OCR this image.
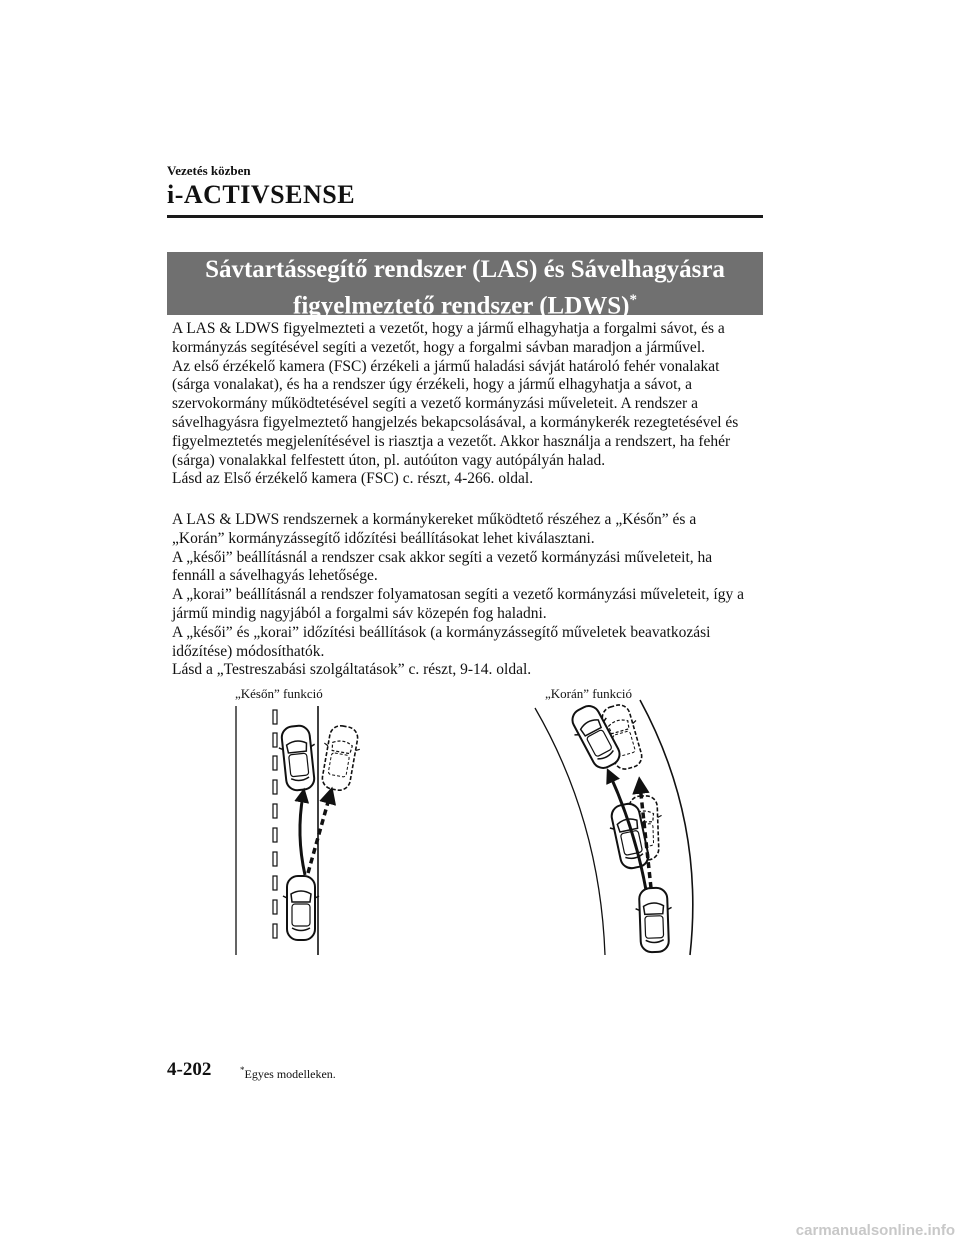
Vezetés közben
i-ACTIVSENSE
Sávtartássegítő rendszer (LAS) és Sávelhagyásra
figyelmeztető rendszer (LDWS)*

A LAS & LDWS figyelmezteti a vezetőt, hogy a jármű elhagyhatja a forgalmi sávot, és a

kormányzás segítésével segíti a vezetőt, hogy a forgalmi sávban maradjon a járművel.

Az első érzékelő kamera (FSC) érzékeli a jármű haladási sávját határoló fehér vonalakat

(sárga vonalakat), és ha a rendszer úgy érzékeli, hogy a jármű elhagyhatja a sávot, a

szervokormány működtetésével segíti a vezető kormányzási műveleteit. A rendszer a

sávelhagyásra figyelmeztető hangjelzés bekapcsolásával, a kormánykerék rezegtetésével és

figyelmeztetés megjelenítésével is riasztja a vezetőt. Akkor használja a rendszert, ha fehér

(sárga) vonalakkal felfestett úton, pl. autóúton vagy autópályán halad.

Lásd az Első érzékelő kamera (FSC) c. részt, 4-266. oldal.

A LAS & LDWS rendszernek a kormánykereket működtető részéhez a „Későn” és a

„Korán” kormányzássegítő időzítési beállításokat lehet kiválasztani.

A „késői” beállításnál a rendszer csak akkor segíti a vezető kormányzási műveleteit, ha

fennáll a sávelhagyás lehetősége.

A „korai” beállításnál a rendszer folyamatosan segíti a vezető kormányzási műveleteit, így a

jármű mindig nagyjából a forgalmi sáv közepén fog haladni.

A „késői” és „korai” időzítési beállítások (a kormányzássegítő műveletek beavatkozási

időzítése) módosíthatók.

Lásd a „Testreszabási szolgáltatások” c. részt, 9-14. oldal.

„Későn” funkció	„Korán” funkció
4-202	*Egyes modelleken.
carmanualsonline.info
